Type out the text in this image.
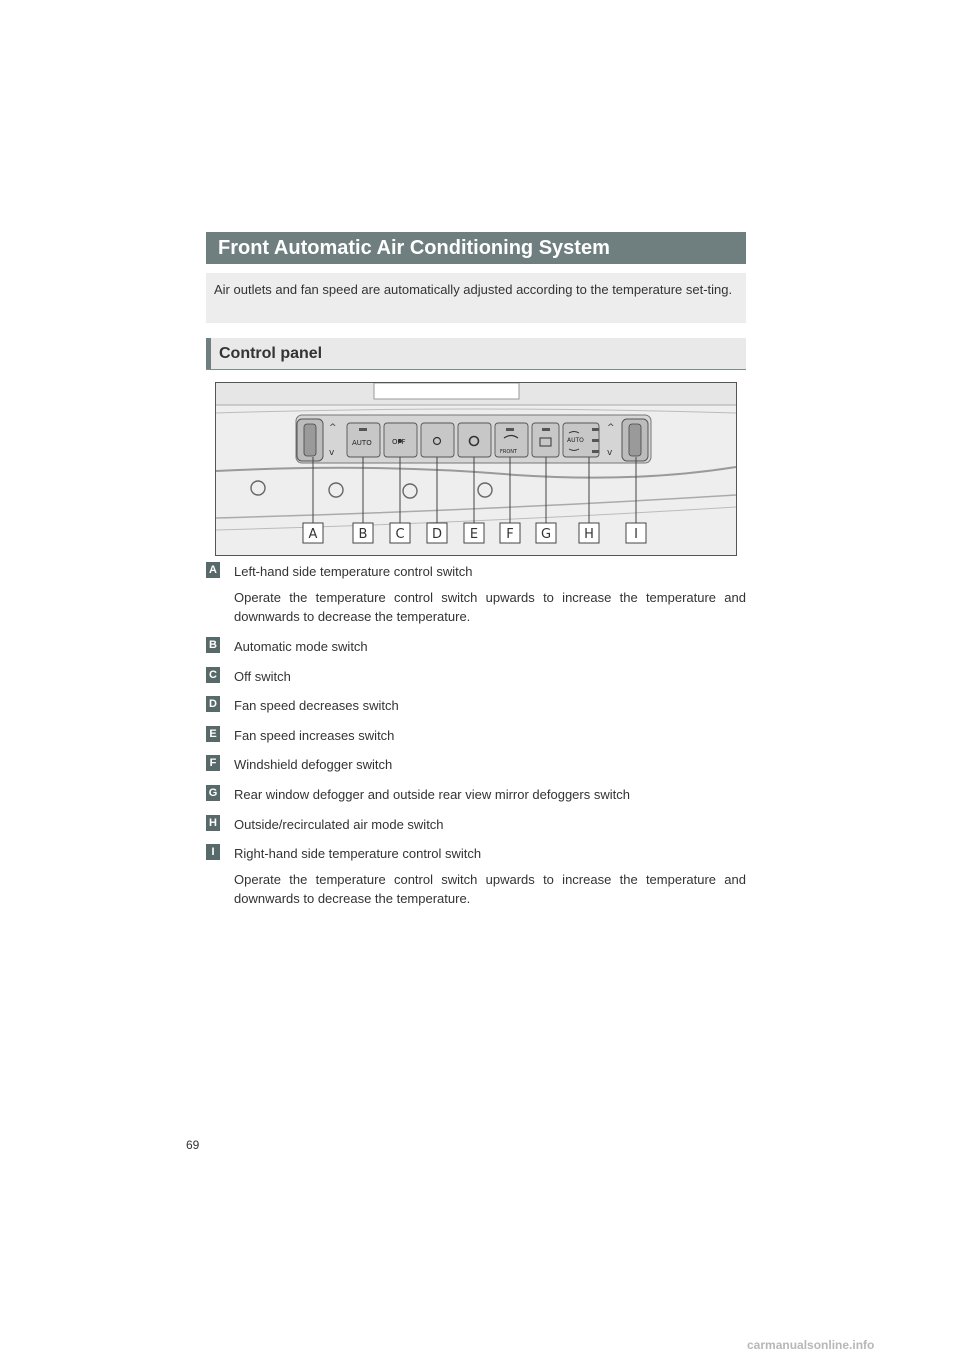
Front Automatic Air Conditioning System
Air outlets and fan speed are automatically adjusted according to the temperature set-ting.
Control panel
^
v
^
v
AUTO	OFF
FRONT
AUTO
A	B C D E F G	H	I
A Left-hand side temperature control switch
Operate the temperature control switch upwards to increase the temperature and downwards to decrease the temperature.
B Automatic mode switch
C Off switch
D Fan speed decreases switch
E Fan speed increases switch
F Windshield defogger switch
G Rear window defogger and outside rear view mirror defoggers switch
H Outside/recirculated air mode switch
I	Right-hand side temperature control switch
Operate the temperature control switch upwards to increase the temperature and downwards to decrease the temperature.
69
carmanualsonline.info
